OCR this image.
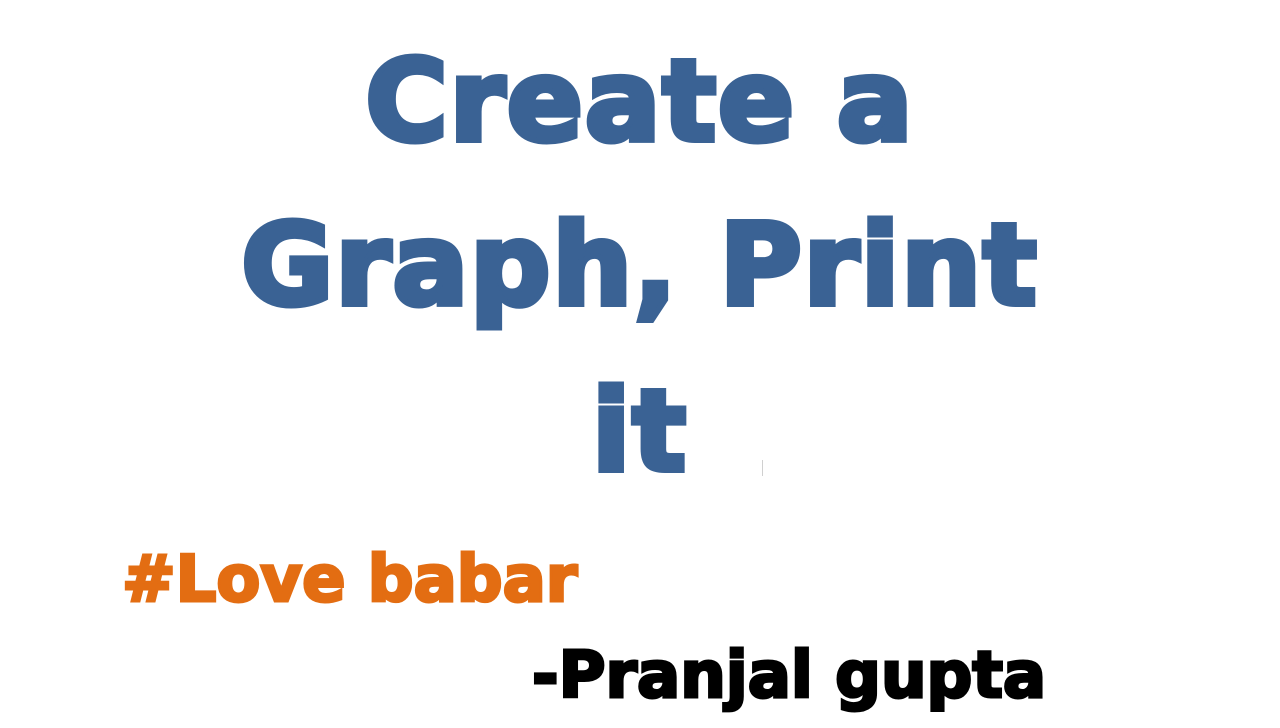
Create a
Graph, Print
it
#Love babar
-Pranjal gupta
